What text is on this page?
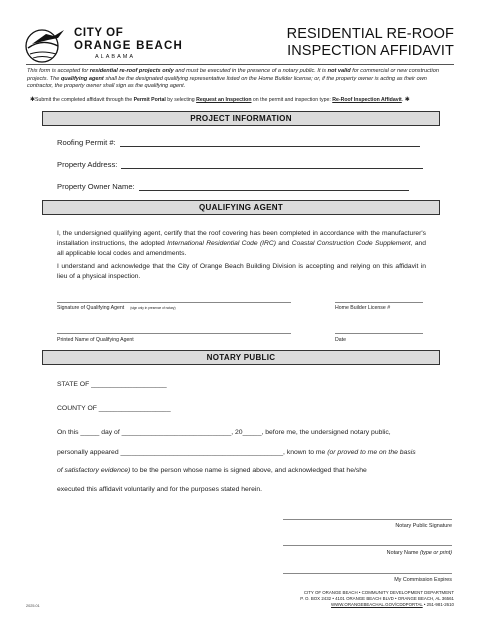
CITY OF
ORANGE BEACH
ALABAMA
RESIDENTIAL RE-ROOF
INSPECTION AFFIDAVIT
This form is accepted for residential re-roof projects only and must be executed in the presence of a notary public. It is not valid for commercial or new construction projects. The qualifying agent shall be the designated qualifying representative listed on the Home Builder license; or, if the property owner is acting as their own contractor, the property owner shall sign as the qualifying agent.
✱Submit the completed affidavit through the Permit Portal by selecting Request an Inspection on the permit and inspection type: Re-Roof Inspection Affidavit. ✱
PROJECT INFORMATION
Roofing Permit #:
Property Address:
Property Owner Name:
QUALIFYING AGENT
I, the undersigned qualifying agent, certify that the roof covering has been completed in accordance with the manufacturer's installation instructions, the adopted International Residential Code (IRC) and Coastal Construction Code Supplement, and all applicable local codes and amendments.
I understand and acknowledge that the City of Orange Beach Building Division is accepting and relying on this affidavit in lieu of a physical inspection.
Signature of Qualifying Agent (sign only in presence of notary)	Home Builder License #
Printed Name of Qualifying Agent	Date
NOTARY PUBLIC
STATE OF ____________________
COUNTY OF ___________________
On this _____ day of _____________________________, 20_____, before me, the undersigned notary public,
personally appeared ___________________________________________, known to me (or proved to me on the basis
of satisfactory evidence) to be the person whose name is signed above, and acknowledged that he/she
executed this affidavit voluntarily and for the purposes stated herein.
Notary Public Signature
Notary Name (type or print)
My Commission Expires
CITY OF ORANGE BEACH • COMMUNITY DEVELOPMENT DEPARTMENT
P. O. BOX 2432 • 4101 ORANGE BEACH BLVD • ORANGE BEACH, AL 36561
WWW.ORANGEBEACHAL.GOV/CDDPORTAL • 251-981-2610
2025.01
